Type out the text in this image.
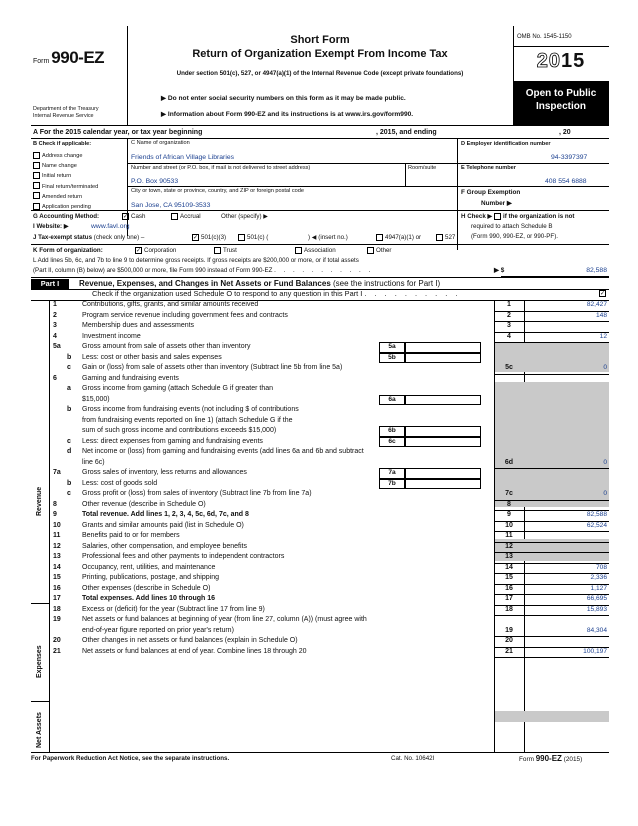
Form 990-EZ
Department of the Treasury
Internal Revenue Service
Short Form
Return of Organization Exempt From Income Tax
Under section 501(c), 527, or 4947(a)(1) of the Internal Revenue Code (except private foundations)
▶ Do not enter social security numbers on this form as it may be made public.
▶ Information about Form 990-EZ and its instructions is at www.irs.gov/form990.
OMB No. 1545-1150
2015
Open to Public
Inspection
A For the 2015 calendar year, or tax year beginning	, 2015, and ending	, 20
B Check if applicable:
Address change
Name change
Initial return
Final return/terminated
Amended return
Application pending
C Name of organization
Friends of African Village Libraries
Number and street (or P.O. box, if mail is not delivered to street address)	Room/suite
P.O. Box 90533
City or town, state or province, country, and ZIP or foreign postal code
San Jose, CA 95109-3533
D Employer identification number
94-3397397
E Telephone number
408 554 6888
F Group Exemption
Number ▶
G Accounting Method:	✓ Cash	Accrual	Other (specify) ▶	H Check ▶ if the organization is not
required to attach Schedule B
(Form 990, 990-EZ, or 990-PF).
I Website: ▶	www.favl.org
J Tax-exempt status (check only one) –	✓ 501(c)(3)	501(c) (	) ◀ (insert no.)	4947(a)(1) or	527
K Form of organization:	✓ Corporation	Trust	Association	Other
L Add lines 5b, 6c, and 7b to line 9 to determine gross receipts. If gross receipts are $200,000 or more, or if total assets
(Part II, column (B) below) are $500,000 or more, file Form 990 instead of Form 990-EZ . . . . . . . . . . .	▶ $	82,588
Part I	Revenue, Expenses, and Changes in Net Assets or Fund Balances (see the instructions for Part I)
Check if the organization used Schedule O to respond to any question in this Part I . . . . . . . . . .	✓
Revenue
Expenses
Net Assets
1	Contributions, gifts, grants, and similar amounts received	1	82,427
2	Program service revenue including government fees and contracts	2	148
3	Membership dues and assessments	3
4	Investment income	4	12
5a	Gross amount from sale of assets other than inventory	5a
b Less: cost or other basis and sales expenses	5b
c Gain or (loss) from sale of assets other than inventory (Subtract line 5b from line 5a)	5c	0
6	Gaming and fundraising events
a Gross income from gaming (attach Schedule G if greater than
$15,000)	6a
b Gross income from fundraising events (not including $ of contributions
from fundraising events reported on line 1) (attach Schedule G if the
sum of such gross income and contributions exceeds $15,000)	6b
c Less: direct expenses from gaming and fundraising events	6c
d Net income or (loss) from gaming and fundraising events (add lines 6a and 6b and subtract
line 6c)	6d	0
7a	Gross sales of inventory, less returns and allowances	7a
b Less: cost of goods sold	7b
c Gross profit or (loss) from sales of inventory (Subtract line 7b from line 7a)	7c	0
8	Other revenue (describe in Schedule O)	8
9	Total revenue. Add lines 1, 2, 3, 4, 5c, 6d, 7c, and 8	9	82,588
10	Grants and similar amounts paid (list in Schedule O)	10	62,524
11	Benefits paid to or for members	11
12	Salaries, other compensation, and employee benefits	12
13	Professional fees and other payments to independent contractors	13
14	Occupancy, rent, utilities, and maintenance	14	708
15	Printing, publications, postage, and shipping	15	2,336
16	Other expenses (describe in Schedule O)	16	1,127
17	Total expenses. Add lines 10 through 16	17	66,695
18	Excess or (deficit) for the year (Subtract line 17 from line 9)	18	15,893
19	Net assets or fund balances at beginning of year (from line 27, column (A)) (must agree with
end-of-year figure reported on prior year's return)	19	84,304
20	Other changes in net assets or fund balances (explain in Schedule O)	20
21	Net assets or fund balances at end of year. Combine lines 18 through 20	21	100,197
For Paperwork Reduction Act Notice, see the separate instructions.	Cat. No. 10642I	Form 990-EZ (2015)
